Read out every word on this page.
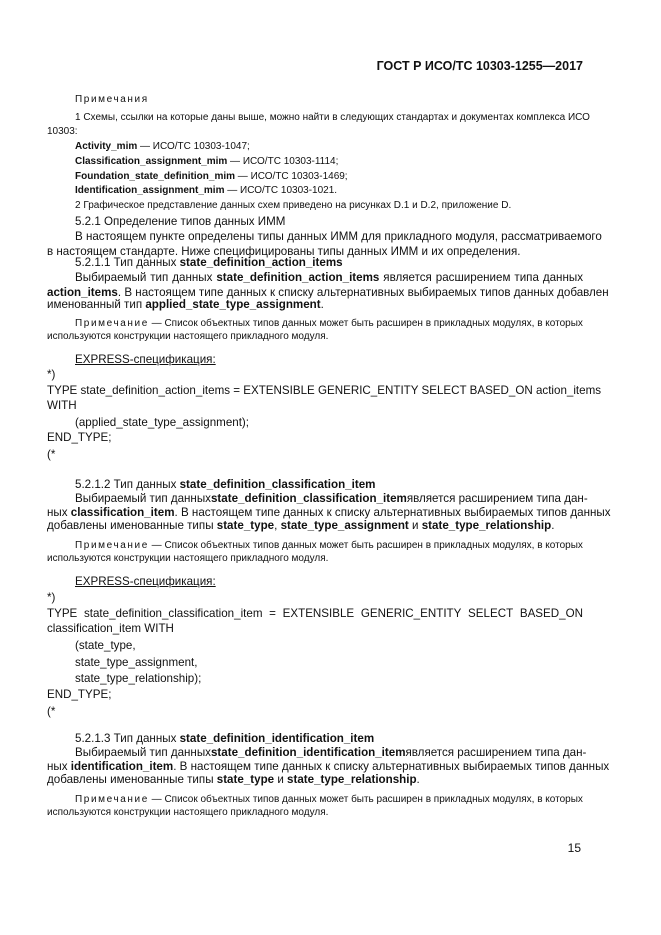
ГОСТ Р ИСО/ТС 10303-1255—2017
Примечания
1 Схемы, ссылки на которые даны выше, можно найти в следующих стандартах и документах комплекса ИСО
10303:
Activity_mim — ИСО/ТС 10303-1047;
Classification_assignment_mim — ИСО/ТС 10303-1114;
Foundation_state_definition_mim — ИСО/ТС 10303-1469;
Identification_assignment_mim — ИСО/ТС 10303-1021.
2 Графическое представление данных схем приведено на рисунках D.1 и D.2, приложение D.
5.2.1 Определение типов данных ИММ
В настоящем пункте определены типы данных ИММ для прикладного модуля, рассматриваемого
в настоящем стандарте. Ниже специфицированы типы данных ИММ и их определения.
5.2.1.1 Тип данных state_definition_action_items
Выбираемый тип данных state_definition_action_items является расширением типа данных
action_items. В настоящем типе данных к списку альтернативных выбираемых типов данных добавлен
именованный тип applied_state_type_assignment.
Примечание — Список объектных типов данных может быть расширен в прикладных модулях, в которых
используются конструкции настоящего прикладного модуля.
EXPRESS-спецификация:
*)
TYPE state_definition_action_items = EXTENSIBLE GENERIC_ENTITY SELECT BASED_ON action_items
WITH
(applied_state_type_assignment);
END_TYPE;
(*
5.2.1.2 Тип данных state_definition_classification_item
Выбираемый тип данных state_definition_classification_item является расширением типа дан-
ных classification_item. В настоящем типе данных к списку альтернативных выбираемых типов данных
добавлены именованные типы state_type, state_type_assignment и state_type_relationship.
Примечание — Список объектных типов данных может быть расширен в прикладных модулях, в которых
используются конструкции настоящего прикладного модуля.
EXPRESS-спецификация:
*)
TYPE state_definition_classification_item = EXTENSIBLE GENERIC_ENTITY SELECT BASED_ON
classification_item WITH
(state_type,
state_type_assignment,
state_type_relationship);
END_TYPE;
(*
5.2.1.3 Тип данных state_definition_identification_item
Выбираемый тип данных state_definition_identification_item является расширением типа дан-
ных identification_item. В настоящем типе данных к списку альтернативных выбираемых типов данных
добавлены именованные типы state_type и state_type_relationship.
Примечание — Список объектных типов данных может быть расширен в прикладных модулях, в которых
используются конструкции настоящего прикладного модуля.
15
